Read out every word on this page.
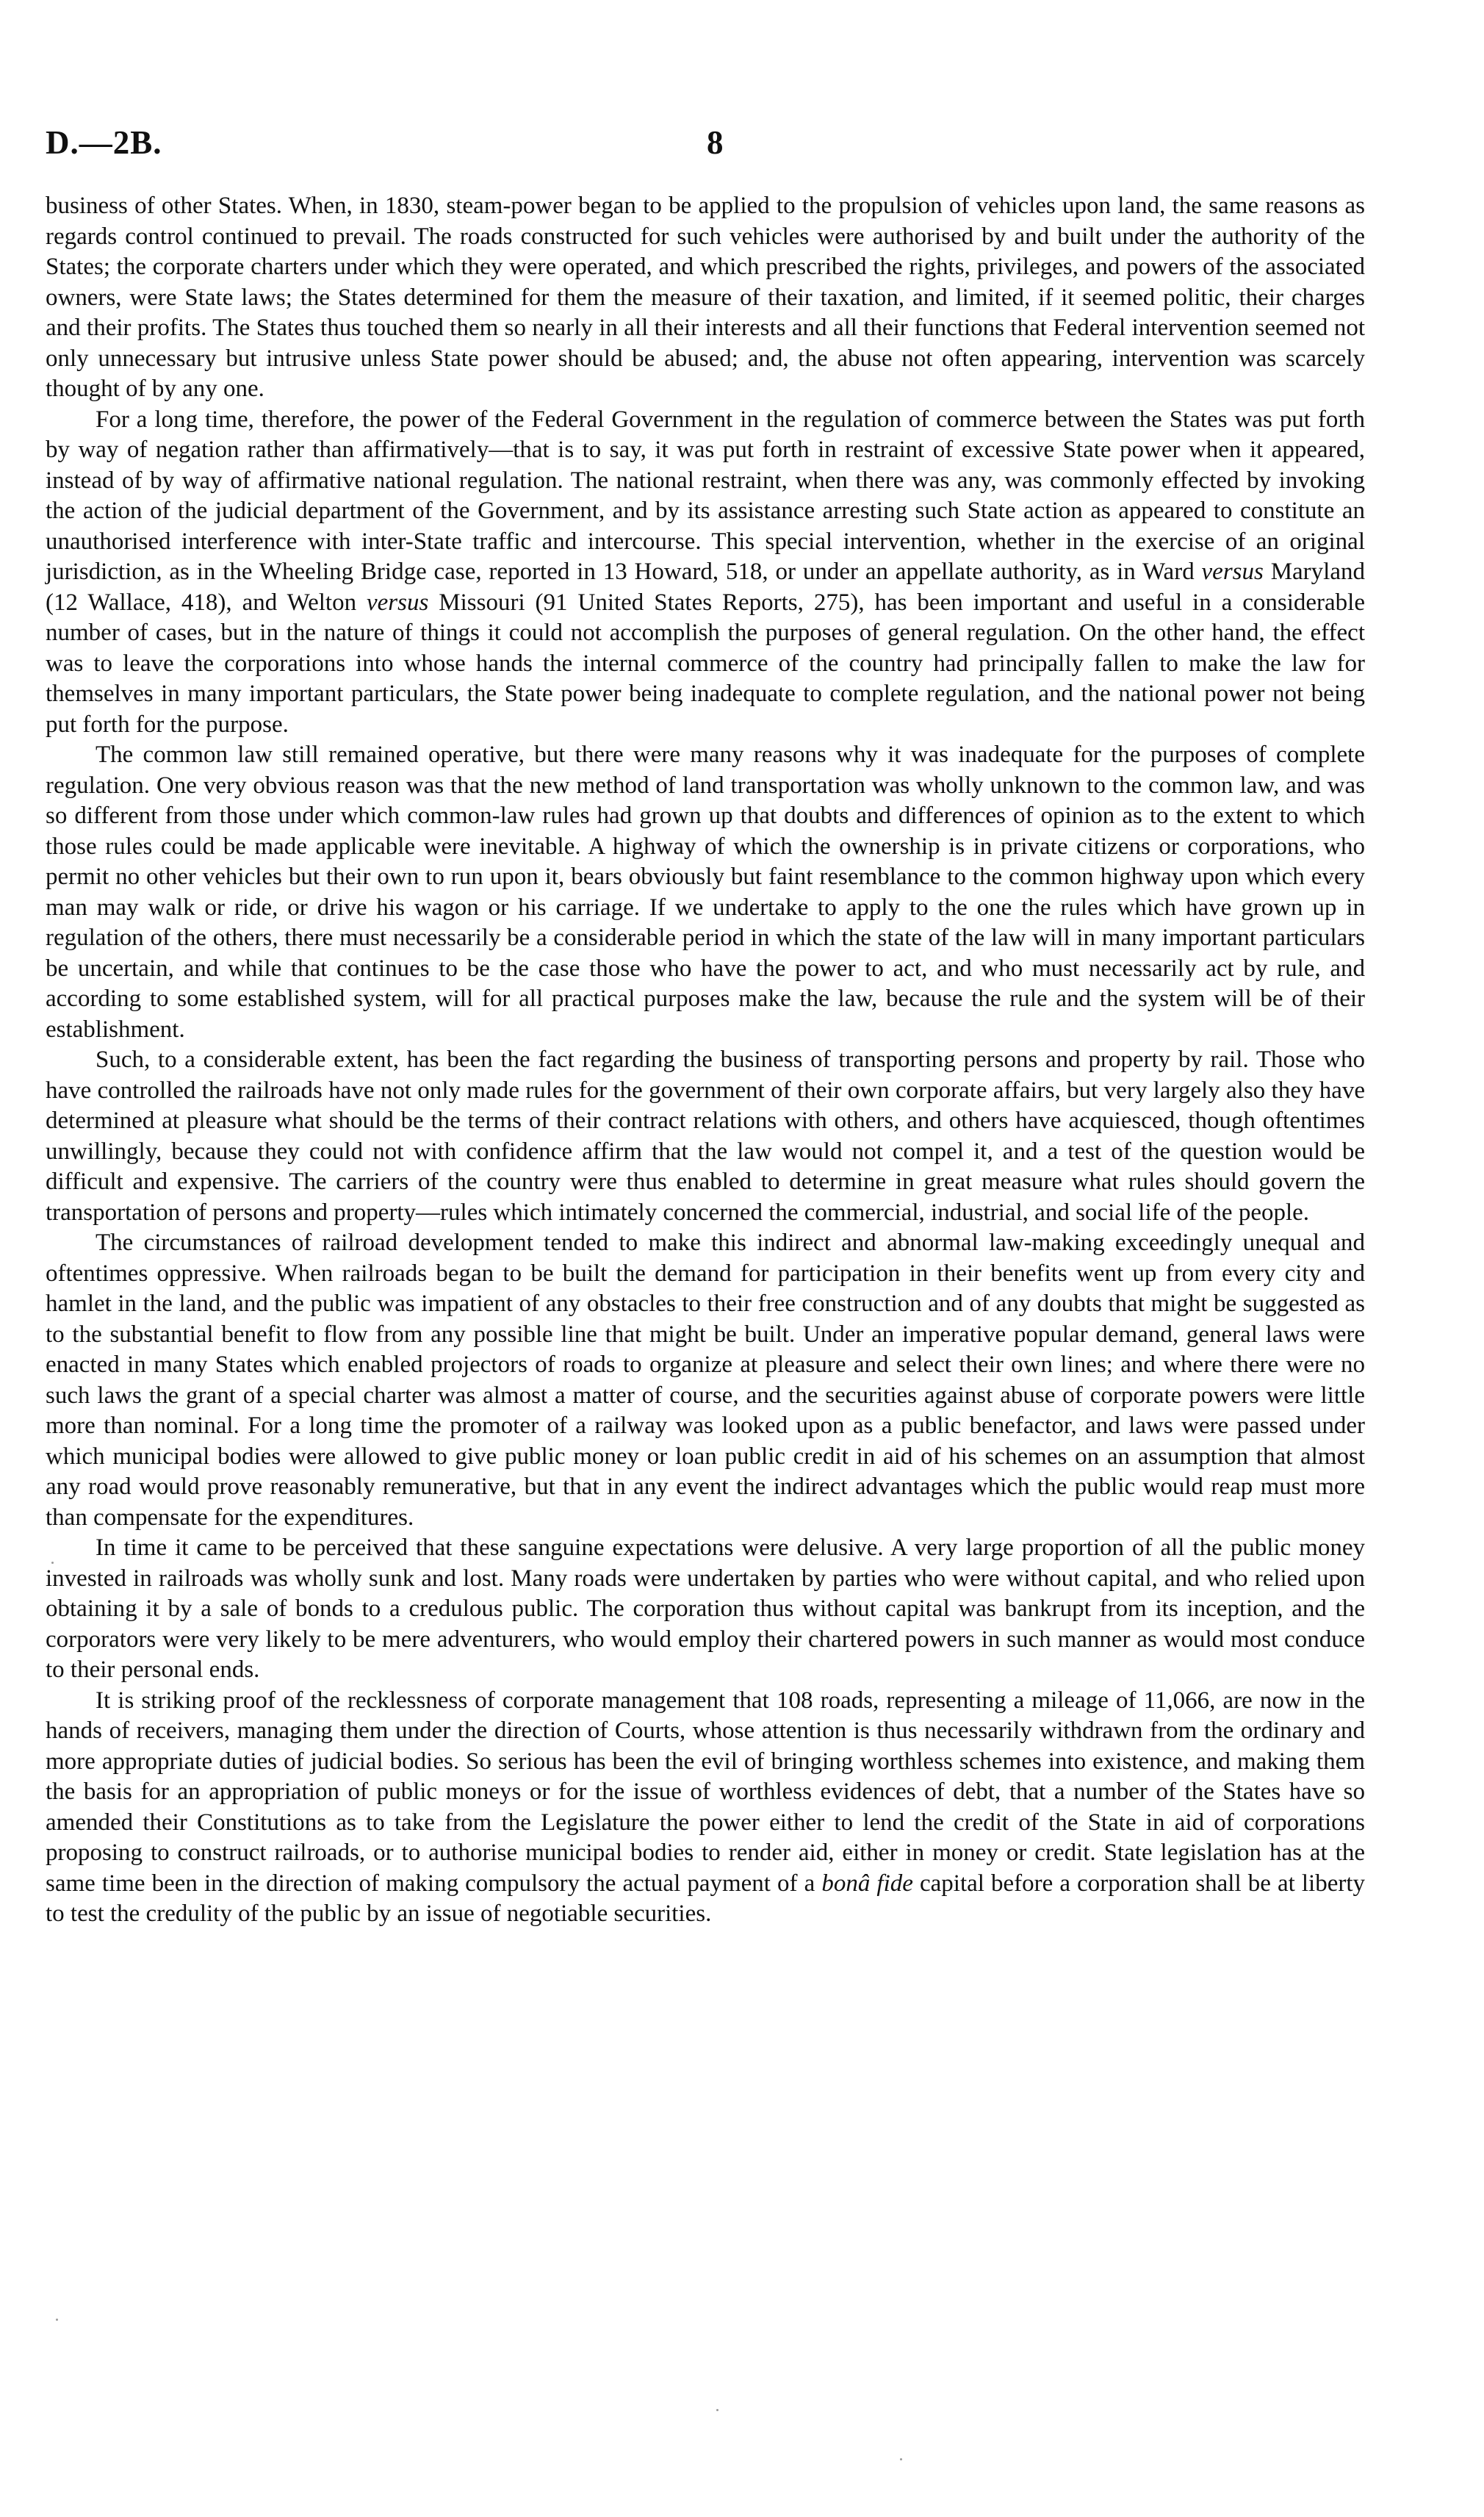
D.—2B.	8

business of other States. When, in 1830, steam-power began to be applied to the propulsion of vehicles upon land, the same reasons as regards control continued to prevail. The roads constructed for such vehicles were authorised by and built under the authority of the States; the corporate charters under which they were operated, and which prescribed the rights, privileges, and powers of the associated owners, were State laws; the States determined for them the measure of their taxation, and limited, if it seemed politic, their charges and their profits. The States thus touched them so nearly in all their interests and all their functions that Federal intervention seemed not only unnecessary but intrusive unless State power should be abused; and, the abuse not often appearing, intervention was scarcely thought of by any one.

For a long time, therefore, the power of the Federal Government in the regulation of commerce between the States was put forth by way of negation rather than affirmatively—that is to say, it was put forth in restraint of excessive State power when it appeared, instead of by way of affirmative national regulation. The national restraint, when there was any, was commonly effected by invoking the action of the judicial department of the Government, and by its assistance arresting such State action as appeared to constitute an unauthorised interference with inter-State traffic and intercourse. This special intervention, whether in the exercise of an original jurisdiction, as in the Wheeling Bridge case, reported in 13 Howard, 518, or under an appellate authority, as in Ward versus Maryland (12 Wallace, 418), and Welton versus Missouri (91 United States Reports, 275), has been important and useful in a considerable number of cases, but in the nature of things it could not accomplish the purposes of general regulation. On the other hand, the effect was to leave the corporations into whose hands the internal commerce of the country had principally fallen to make the law for themselves in many important particulars, the State power being inadequate to complete regulation, and the national power not being put forth for the purpose.

The common law still remained operative, but there were many reasons why it was inadequate for the purposes of complete regulation. One very obvious reason was that the new method of land transportation was wholly unknown to the common law, and was so different from those under which common-law rules had grown up that doubts and differences of opinion as to the extent to which those rules could be made applicable were inevitable. A highway of which the ownership is in private citizens or corporations, who permit no other vehicles but their own to run upon it, bears obviously but faint resemblance to the common highway upon which every man may walk or ride, or drive his wagon or his carriage. If we undertake to apply to the one the rules which have grown up in regulation of the others, there must necessarily be a considerable period in which the state of the law will in many important particulars be uncertain, and while that continues to be the case those who have the power to act, and who must necessarily act by rule, and according to some established system, will for all practical purposes make the law, because the rule and the system will be of their establishment.

Such, to a considerable extent, has been the fact regarding the business of transporting persons and property by rail. Those who have controlled the railroads have not only made rules for the government of their own corporate affairs, but very largely also they have determined at pleasure what should be the terms of their contract relations with others, and others have acquiesced, though oftentimes unwillingly, because they could not with confidence affirm that the law would not compel it, and a test of the question would be difficult and expensive. The carriers of the country were thus enabled to determine in great measure what rules should govern the transportation of persons and property—rules which intimately concerned the commercial, industrial, and social life of the people.

The circumstances of railroad development tended to make this indirect and abnormal law-making exceedingly unequal and oftentimes oppressive. When railroads began to be built the demand for participation in their benefits went up from every city and hamlet in the land, and the public was impatient of any obstacles to their free construction and of any doubts that might be suggested as to the substantial benefit to flow from any possible line that might be built. Under an imperative popular demand, general laws were enacted in many States which enabled projectors of roads to organize at pleasure and select their own lines; and where there were no such laws the grant of a special charter was almost a matter of course, and the securities against abuse of corporate powers were little more than nominal. For a long time the promoter of a railway was looked upon as a public benefactor, and laws were passed under which municipal bodies were allowed to give public money or loan public credit in aid of his schemes on an assumption that almost any road would prove reasonably remunerative, but that in any event the indirect advantages which the public would reap must more than compensate for the expenditures.

In time it came to be perceived that these sanguine expectations were delusive. A very large proportion of all the public money invested in railroads was wholly sunk and lost. Many roads were undertaken by parties who were without capital, and who relied upon obtaining it by a sale of bonds to a credulous public. The corporation thus without capital was bankrupt from its inception, and the corporators were very likely to be mere adventurers, who would employ their chartered powers in such manner as would most conduce to their personal ends.

It is striking proof of the recklessness of corporate management that 108 roads, representing a mileage of 11,066, are now in the hands of receivers, managing them under the direction of Courts, whose attention is thus necessarily withdrawn from the ordinary and more appropriate duties of judicial bodies. So serious has been the evil of bringing worthless schemes into existence, and making them the basis for an appropriation of public moneys or for the issue of worthless evidences of debt, that a number of the States have so amended their Constitutions as to take from the Legislature the power either to lend the credit of the State in aid of corporations proposing to construct railroads, or to authorise municipal bodies to render aid, either in money or credit. State legislation has at the same time been in the direction of making compulsory the actual payment of a bonâ fide capital before a corporation shall be at liberty to test the credulity of the public by an issue of negotiable securities.
